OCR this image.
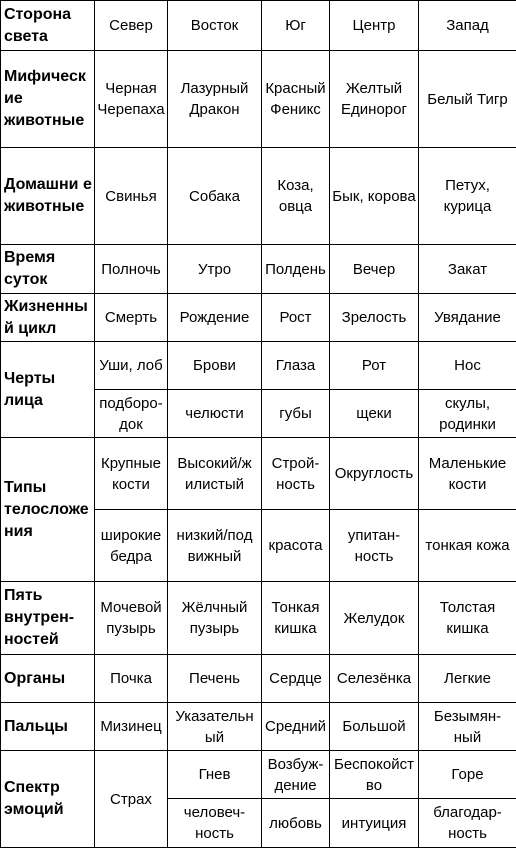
Сторона света	Север	Восток	Юг	Центр	Запад
Мифическ ие животные	Черная Черепаха	Лазурный Дракон	Красный Феникс	Желтый Единорог	Белый Тигр
Домашни е животные	Свинья	Собака	Коза, овца	Бык, корова	Петух, курица
Время суток	Полночь	Утро	Полдень	Вечер	Закат
Жизненны й цикл	Смерть	Рождение	Рост	Зрелость	Увядание
Черты лица	Уши, лоб	Брови	Глаза	Рот	Нос
	подборо- док	челюсти	губы	щеки	скулы, родинки
Типы телосложе ния	Крупные кости	Высокий/ж илистый	Строй- ность	Округлость	Маленькие кости
	широкие бедра	низкий/под вижный	красота	упитан- ность	тонкая кожа
Пять внутрен- ностей	Мочевой пузырь	Жёлчный пузырь	Тонкая кишка	Желудок	Толстая кишка
Органы	Почка	Печень	Сердце	Селезёнка	Легкие
Пальцы	Мизинец	Указательн ый	Средний	Большой	Безымян- ный
Спектр эмоций	Страх	Гнев	Возбуж- дение	Беспокойст во	Горе
		человеч- ность	любовь	интуиция	благодар- ность
